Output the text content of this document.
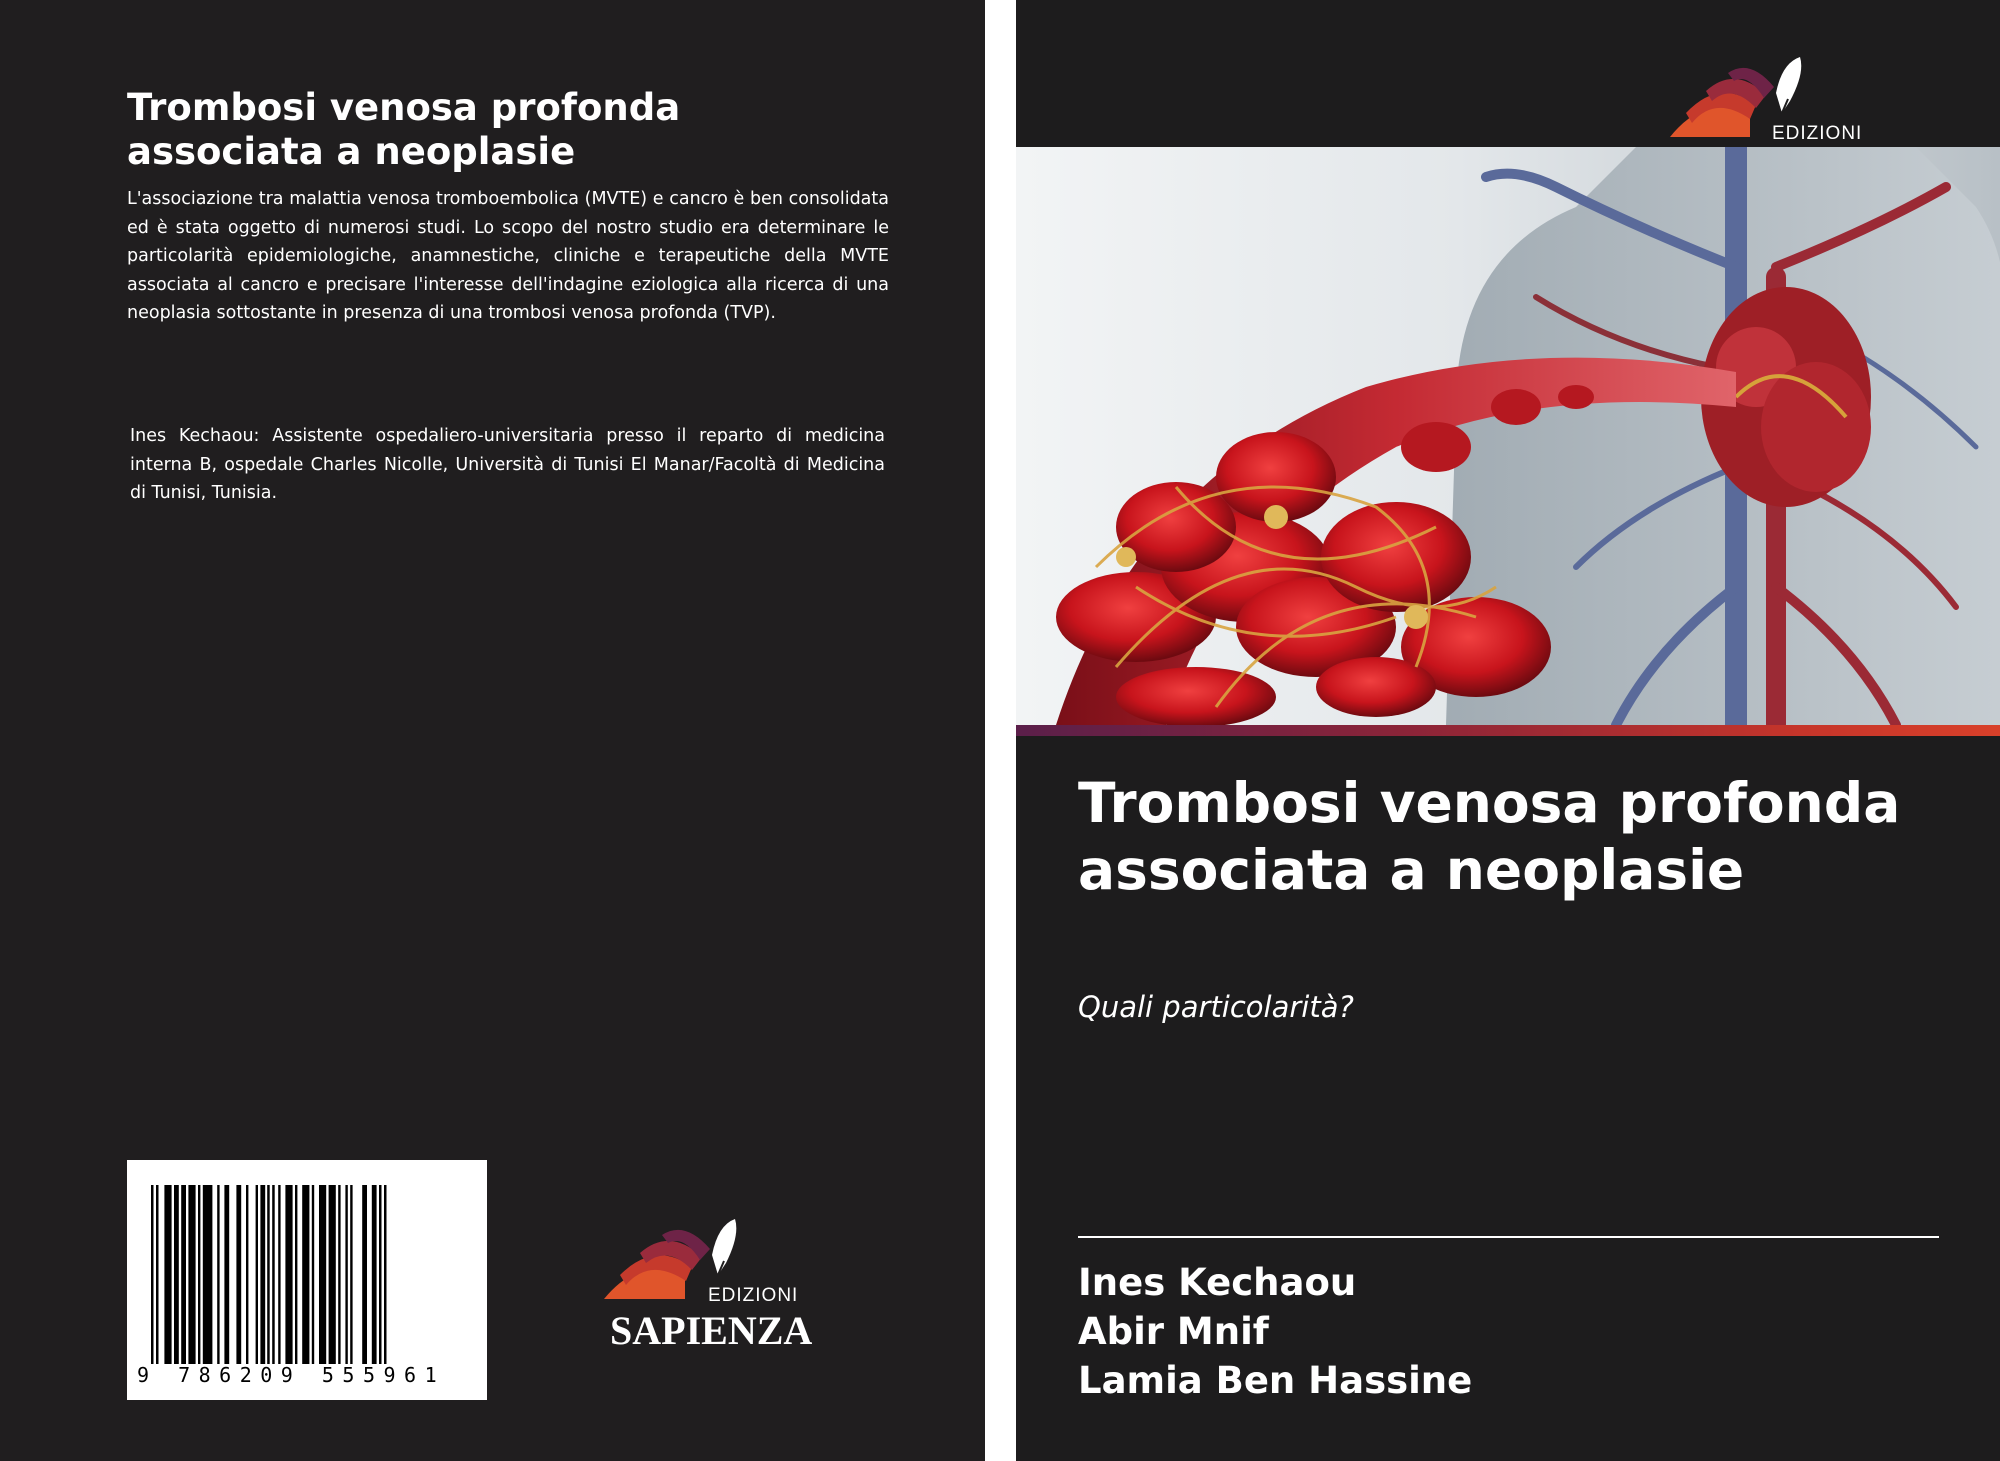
Trombosi venosa profonda associata a neoplasie

L'associazione tra malattia venosa tromboembolica (MVTE) e cancro è ben consolidata ed è stata oggetto di numerosi studi. Lo scopo del nostro studio era determinare le particolarità epidemiologiche, anamnestiche, cliniche e terapeutiche della MVTE associata al cancro e precisare l'interesse dell'indagine eziologica alla ricerca di una neoplasia sottostante in presenza di una trombosi venosa profonda (TVP).

Ines Kechaou: Assistente ospedaliero-universitaria presso il reparto di medicina interna B, ospedale Charles Nicolle, Università di Tunisi El Manar/Facoltà di Medicina di Tunisi, Tunisia.

9 786209 555961
EDIZIONI
SAPIENZA
EDIZIONI
Trombosi venosa profonda associata a neoplasie
Quali particolarità?
Ines Kechaou
Abir Mnif
Lamia Ben Hassine
